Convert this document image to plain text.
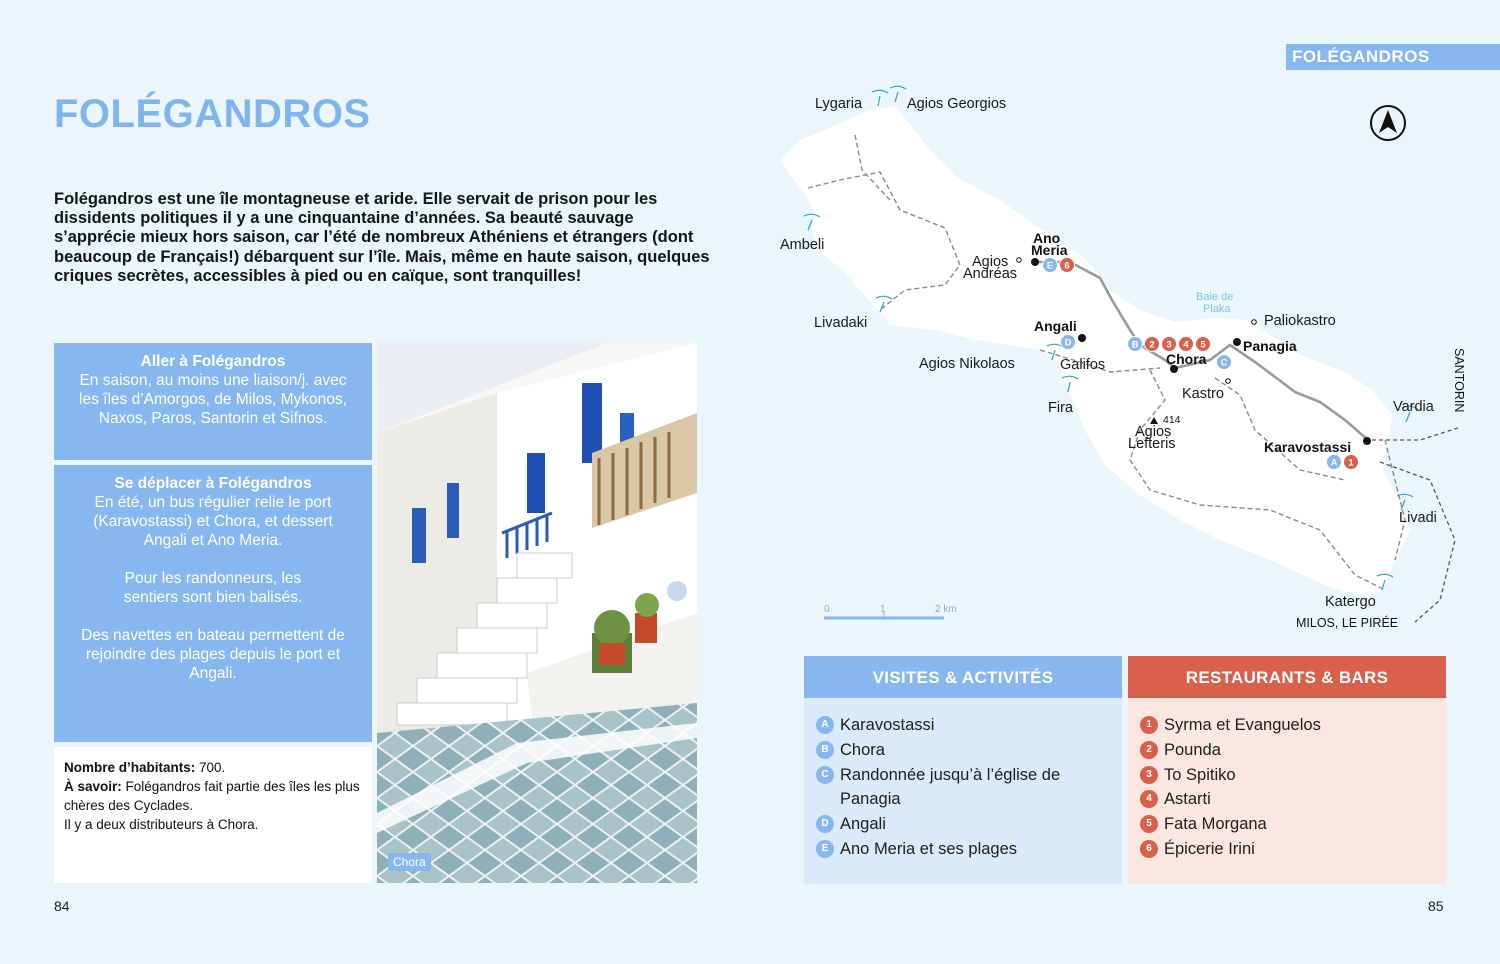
FOLÉGANDROS

Folégandros est une île montagneuse et aride. Elle servait de prison pour les dissidents politiques il y a une cinquantaine d’années. Sa beauté sauvage s’apprécie mieux hors saison, car l’été de nombreux Athéniens et étrangers (dont beaucoup de Français!) débarquent sur l’île. Mais, même en haute saison, quelques criques secrètes, accessibles à pied ou en caïque, sont tranquilles!

Aller à Folégandros

En saison, au moins une liaison/j. avec les îles d’Amorgos, de Milos, Mykonos, Naxos, Paros, Santorin et Sifnos.

Se déplacer à Folégandros

En été, un bus régulier relie le port (Karavostassi) et Chora, et dessert Angali et Ano Meria.

Pour les randonneurs, les sentiers sont bien balisés.

Des navettes en bateau permettent de rejoindre des plages depuis le port et Angali.

Nombre d’habitants: 700.
À savoir: Folégandros fait partie des îles les plus chères des Cyclades.
Il y a deux distributeurs à Chora.
Chora
84
FOLÉGANDROS
Lygaria	Agios Georgios
Ambeli
Livadaki
Agios
Andréas
Paliokastro
Agios Nikolaos	Galifos
Kastro
Fira
Agios
Lefteris
Vardia
Livadi
Katergo
Ano
Meria
Angali
Panagia
Chora
Karavostassi
Baie de
Plaka
414
MILOS, LE PIRÉE
SANTORIN
0	1	2 km
E 6
D	B 2 3 4 5
C
A 1
VISITES & ACTIVITÉS
A Karavostassi
B Chora
C Randonnée jusqu’à l’église de Panagia
D Angali
E Ano Meria et ses plages
RESTAURANTS & BARS
1 Syrma et Evanguelos
2 Pounda
3 To Spitiko
4 Astarti
5 Fata Morgana
6 Épicerie Irini
85
